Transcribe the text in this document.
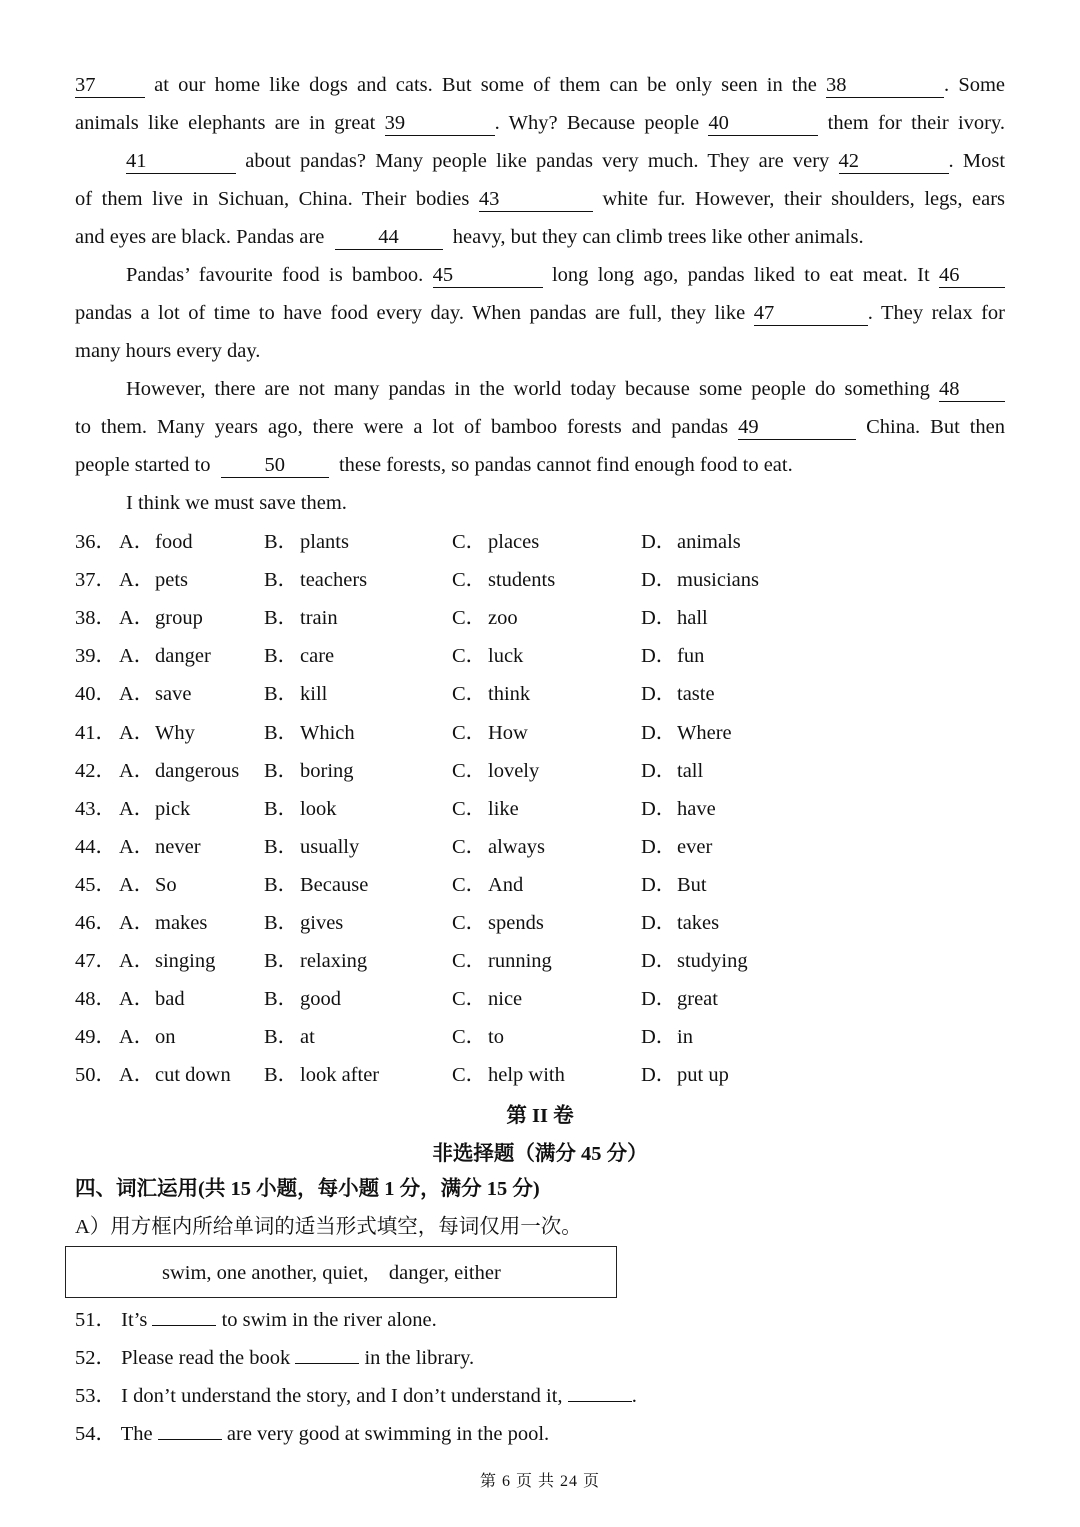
37	at our home like dogs and cats. But some of them can be only seen in the 38	. Some
animals like elephants are in great 39	. Why? Because people 40	them for their ivory.
41	about pandas? Many people like pandas very much. They are very 42	. Most
of them live in Sichuan, China. Their bodies 43	white fur. However, their shoulders, legs, ears
and eyes are black. Pandas are	44	heavy, but they can climb trees like other animals.
Pandas’ favourite food is bamboo. 45	long long ago, pandas liked to eat meat. It 46
pandas a lot of time to have food every day. When pandas are full, they like 47	. They relax for
many hours every day.
However, there are not many pandas in the world today because some people do something 48
to them. Many years ago, there were a lot of bamboo forests and pandas 49	China. But then
people started to	50	these forests, so pandas cannot find enough food to eat.
I think we must save them.
36． A．food	B．plants	C．places	D．animals
37． A．pets	B．teachers	C．students	D．musicians
38． A．group	B．train	C．zoo	D．hall
39． A．danger	B．care	C．luck	D．fun
40． A．save	B．kill	C．think	D．taste
41． A．Why	B．Which	C．How	D．Where
42． A．dangerous B．boring	C．lovely	D．tall
43． A．pick	B．look	C．like	D．have
44． A．never	B．usually	C．always	D．ever
45． A．So	B．Because	C．And	D．But
46． A．makes	B．gives	C．spends	D．takes
47． A．singing B．relaxing	C．running	D．studying
48． A．bad	B．good	C．nice	D．great
49． A．on	B．at	C．to	D．in
50． A．cut down B．look after	C．help with	D．put up
第 II 卷
非选择题（满分 45 分）
四、词汇运用(共 15 小题，每小题 1 分，满分 15 分)
A）用方框内所给单词的适当形式填空，每词仅用一次。
swim, one another, quiet,    danger, either
51． It’s	to swim in the river alone.
52． Please read the book	in the library.
53． I don’t understand the story, and I don’t understand it,	.
54． The	are very good at swimming in the pool.
第 6 页 共 24 页
